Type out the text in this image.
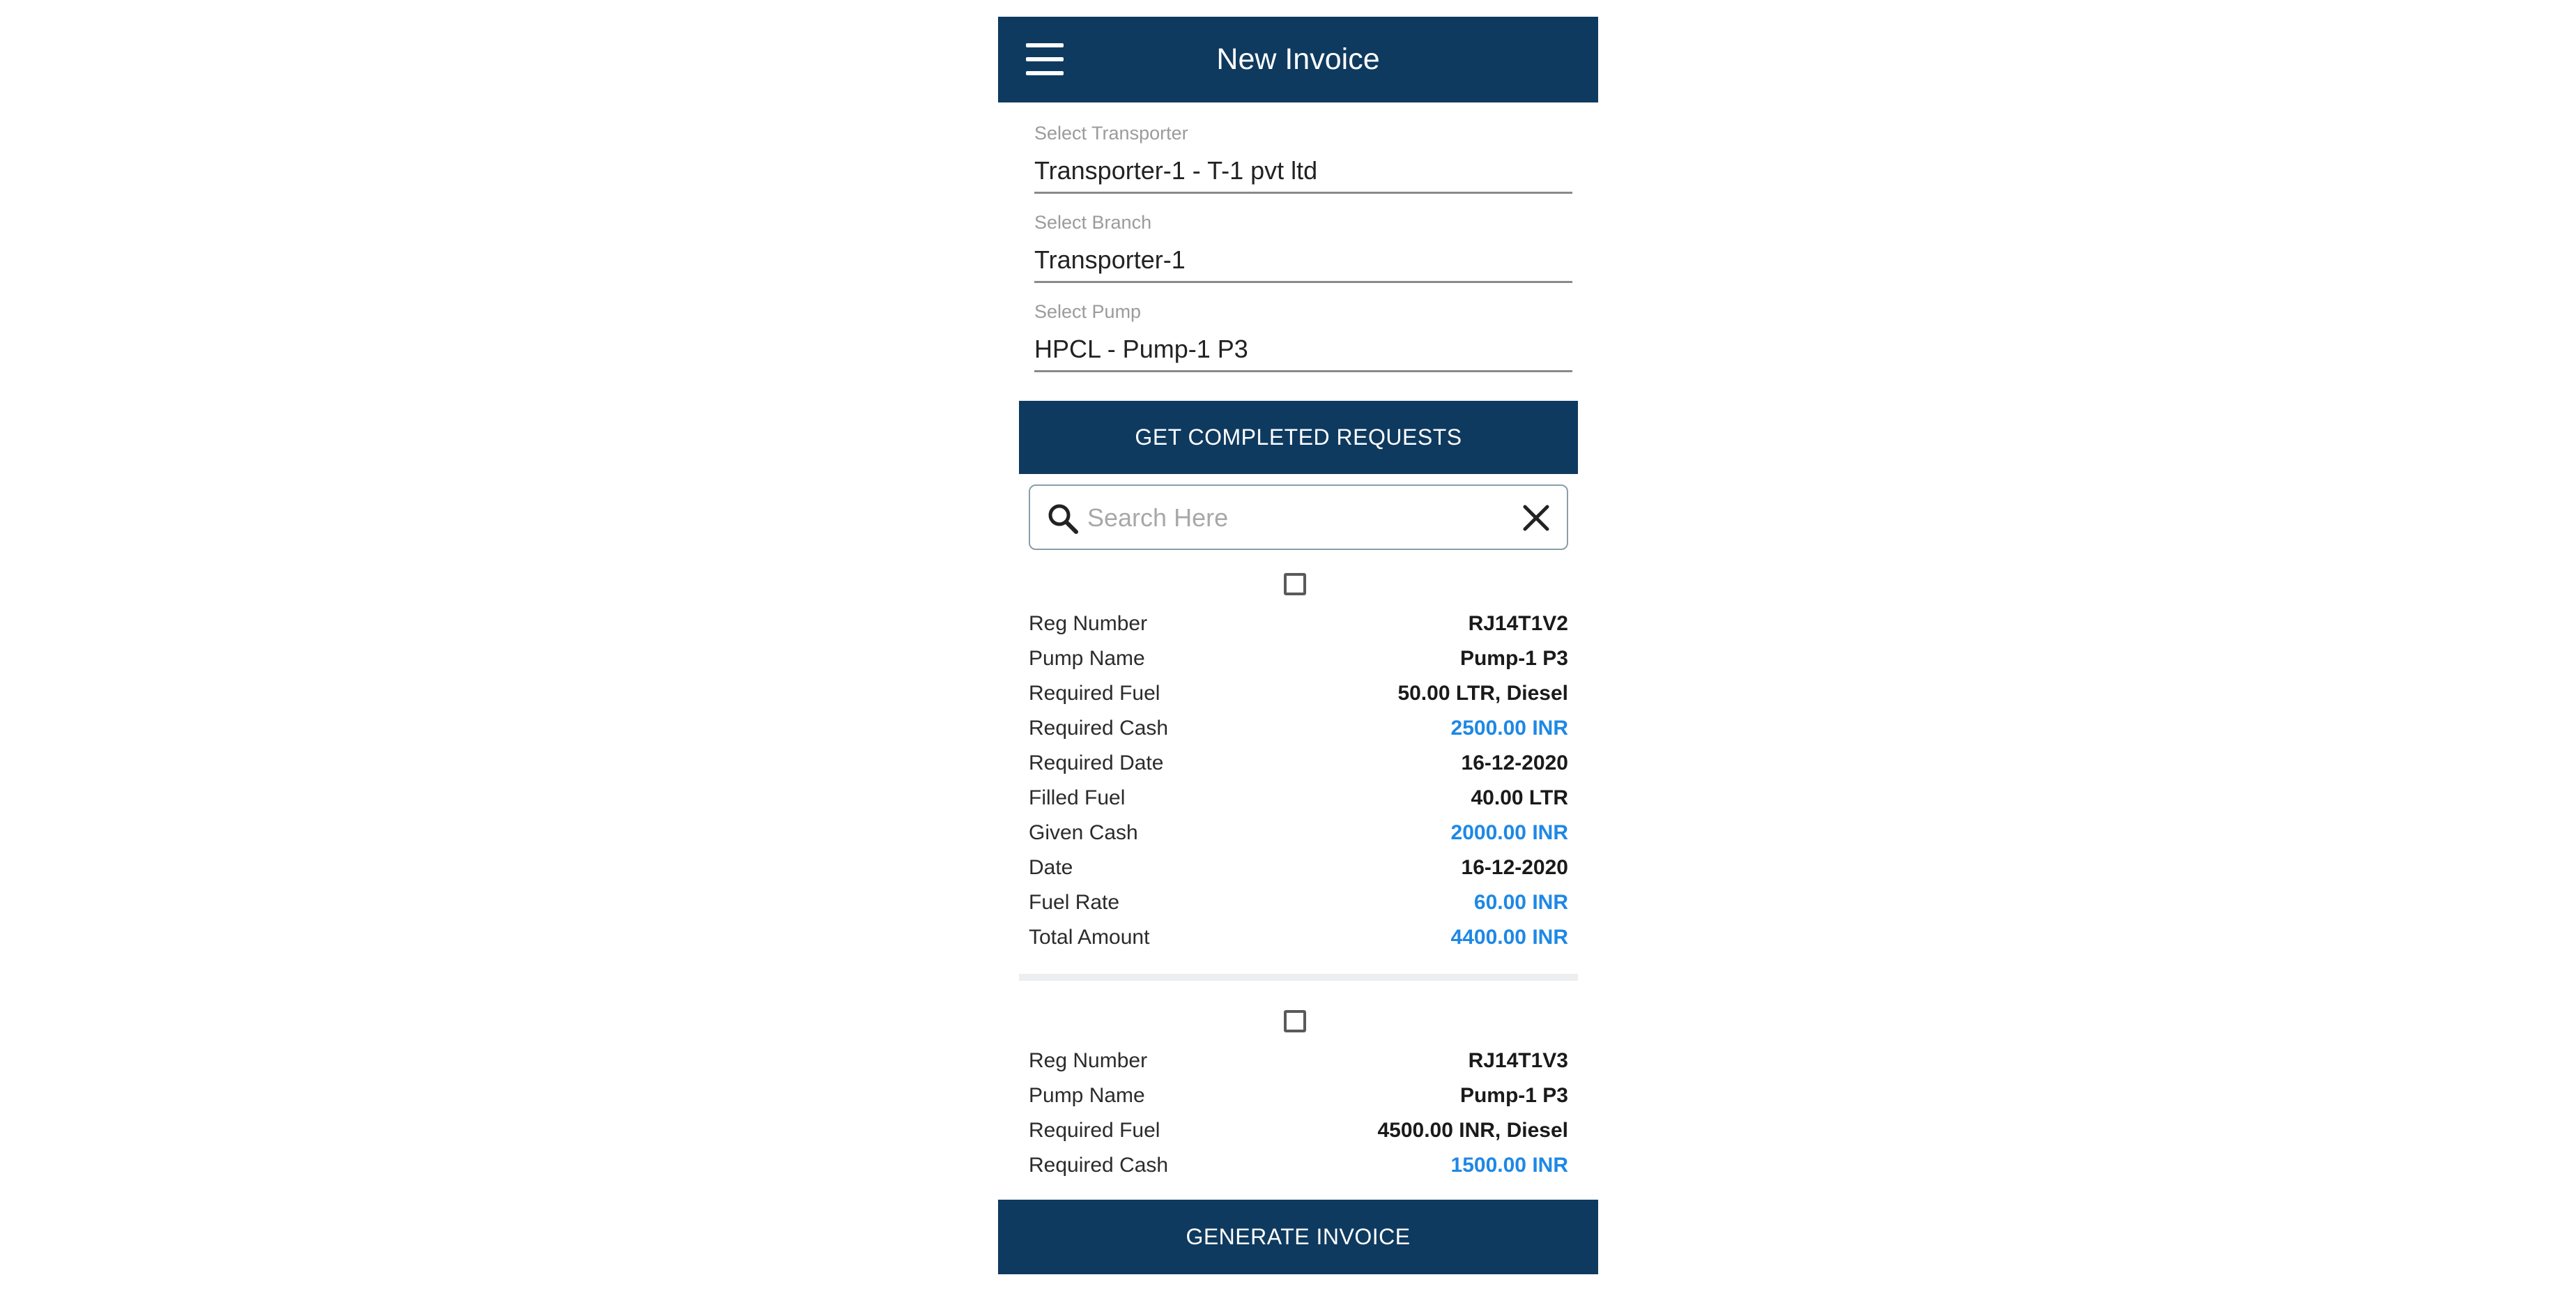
New Invoice
Select Transporter
Transporter-1 - T-1 pvt ltd
Select Branch
Transporter-1
Select Pump
HPCL - Pump-1 P3
GET COMPLETED REQUESTS
Search Here
Reg Number	RJ14T1V2
Pump Name	Pump-1 P3
Required Fuel	50.00 LTR, Diesel
Required Cash	2500.00 INR
Required Date	16-12-2020
Filled Fuel	40.00 LTR
Given Cash	2000.00 INR
Date	16-12-2020
Fuel Rate	60.00 INR
Total Amount	4400.00 INR
Reg Number	RJ14T1V3
Pump Name	Pump-1 P3
Required Fuel	4500.00 INR, Diesel
Required Cash	1500.00 INR
GENERATE INVOICE
